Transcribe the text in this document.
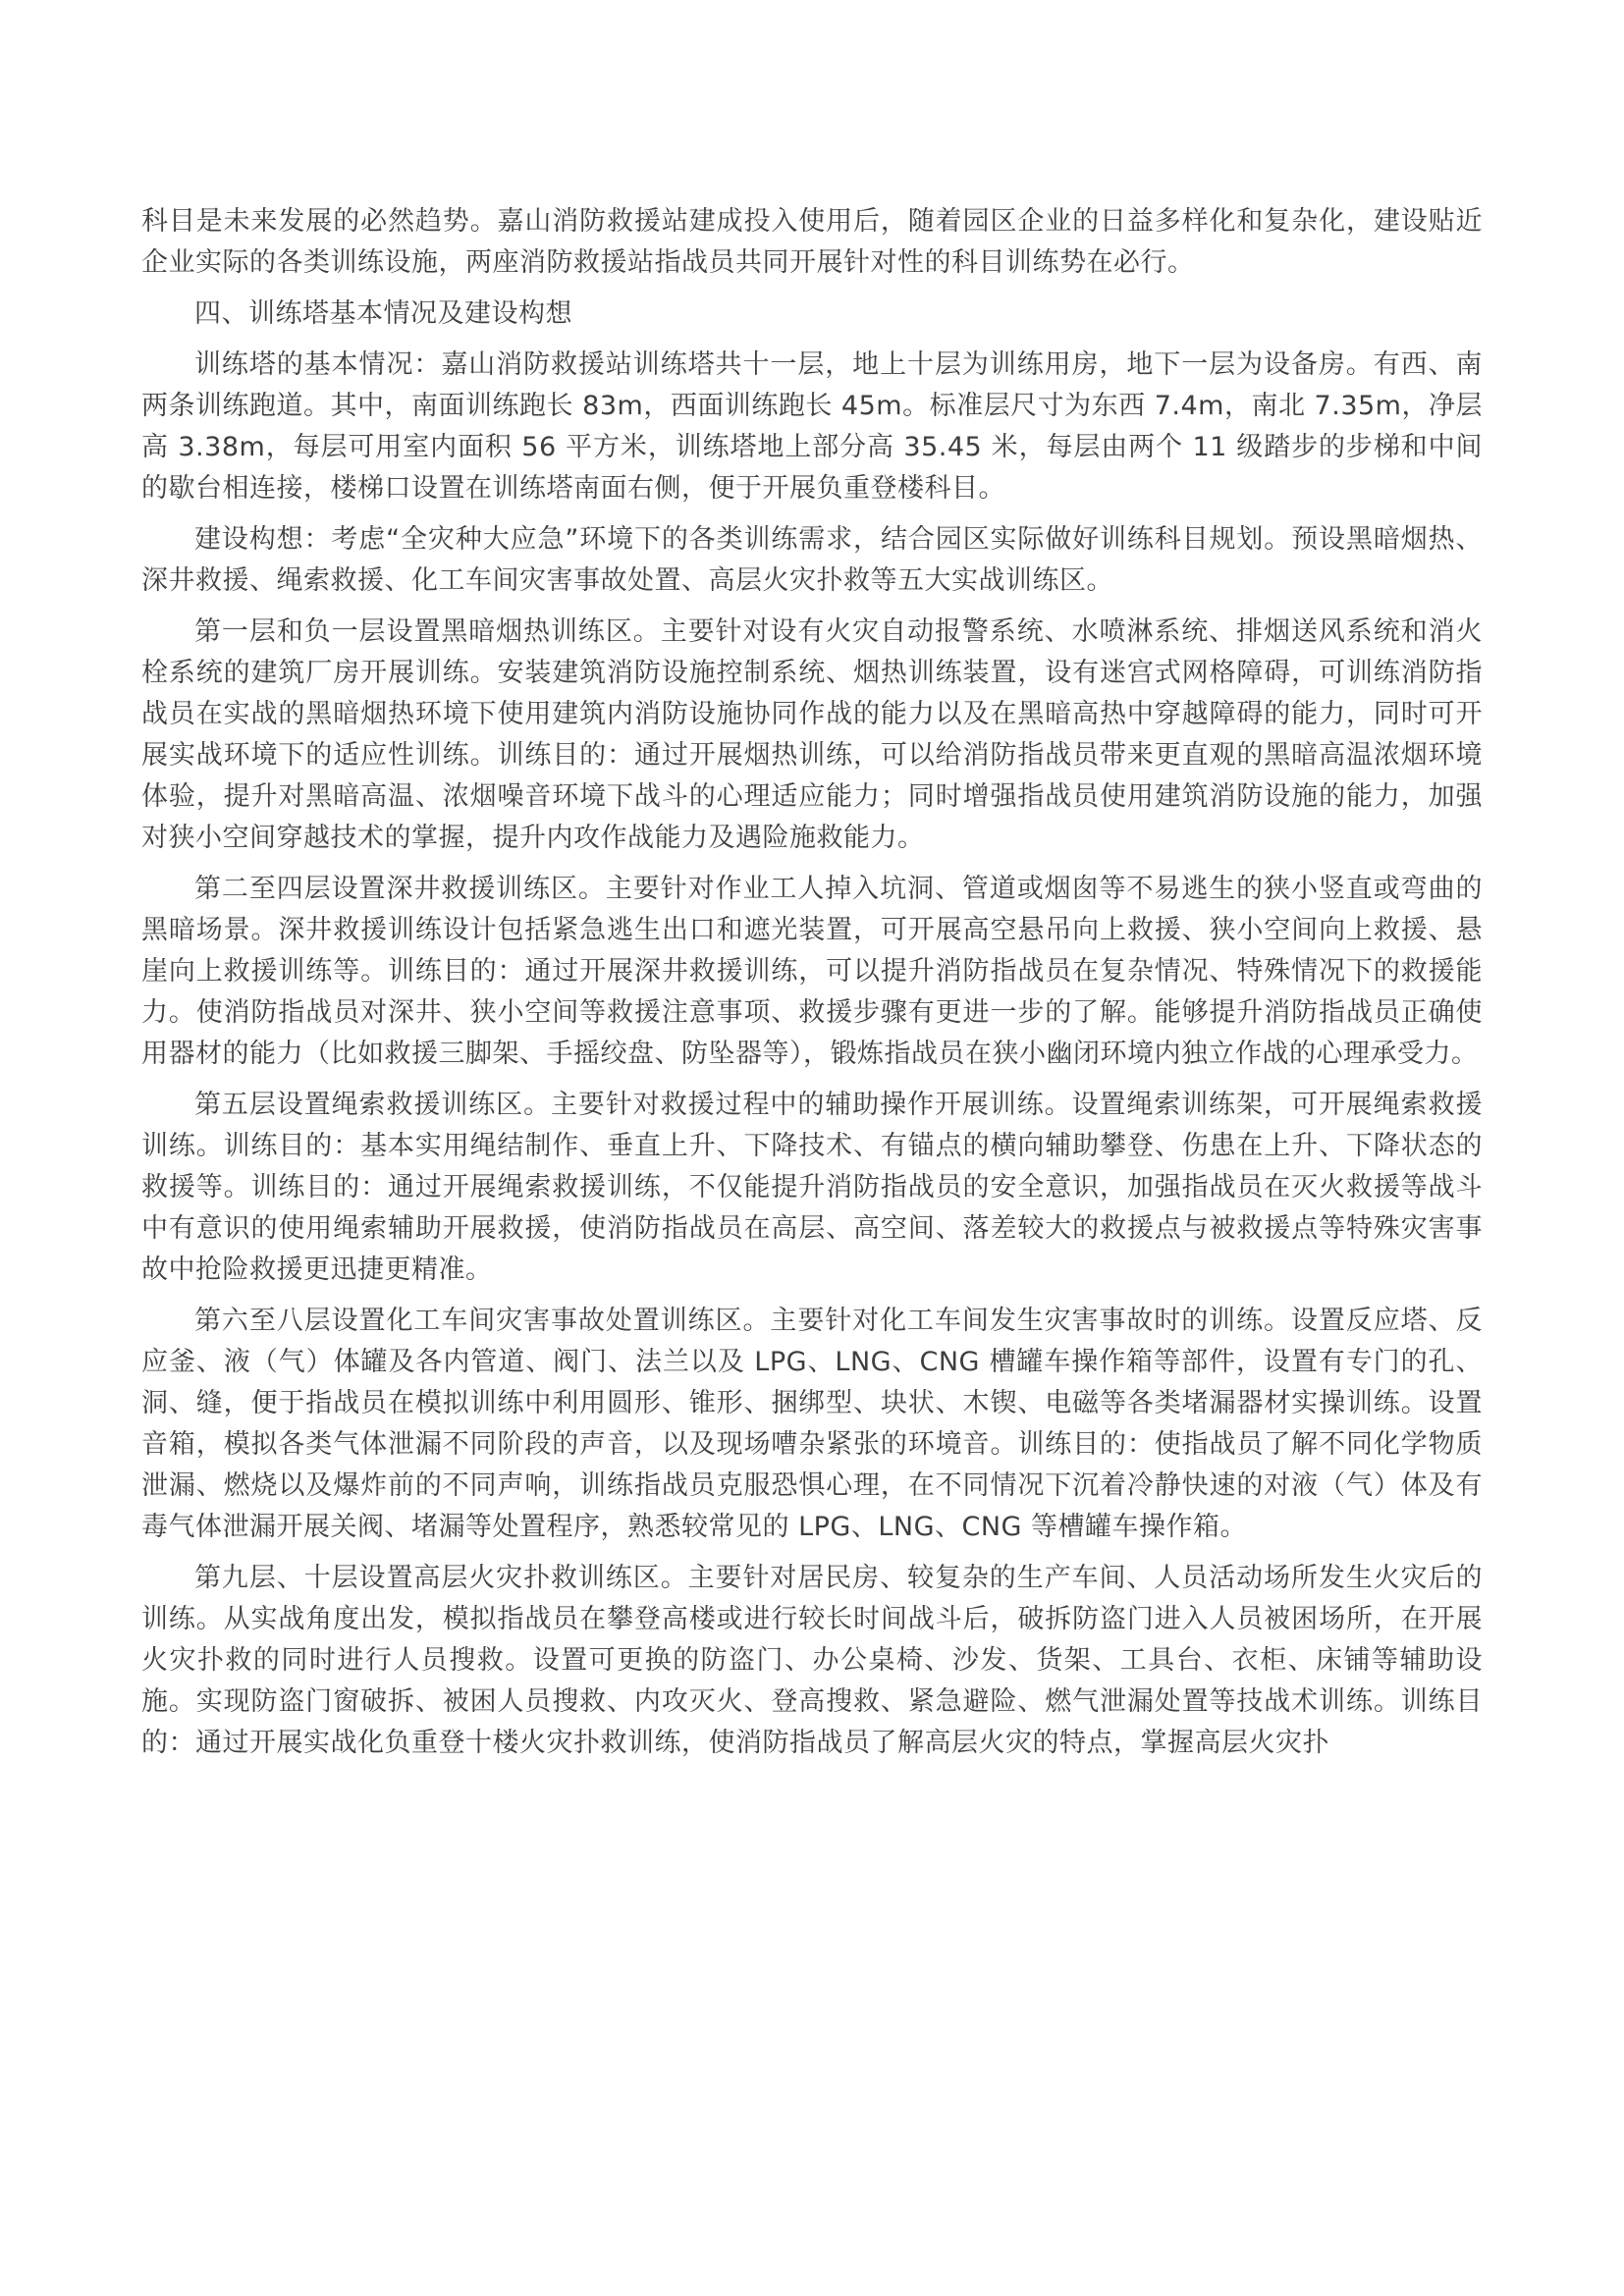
科目是未来发展的必然趋势。嘉山消防救援站建成投入使用后，随着园区企业的日益多样化和复杂化，建设贴近企业实际的各类训练设施，两座消防救援站指战员共同开展针对性的科目训练势在必行。

四、训练塔基本情况及建设构想

训练塔的基本情况：嘉山消防救援站训练塔共十一层，地上十层为训练用房，地下一层为设备房。有西、南两条训练跑道。其中，南面训练跑长 83m，西面训练跑长 45m。标准层尺寸为东西 7.4m，南北 7.35m，净层高 3.38m，每层可用室内面积 56 平方米，训练塔地上部分高 35.45 米，每层由两个 11 级踏步的步梯和中间的歇台相连接，楼梯口设置在训练塔南面右侧，便于开展负重登楼科目。

建设构想：考虑“全灾种大应急”环境下的各类训练需求，结合园区实际做好训练科目规划。预设黑暗烟热、深井救援、绳索救援、化工车间灾害事故处置、高层火灾扑救等五大实战训练区。

第一层和负一层设置黑暗烟热训练区。主要针对设有火灾自动报警系统、水喷淋系统、排烟送风系统和消火栓系统的建筑厂房开展训练。安装建筑消防设施控制系统、烟热训练装置，设有迷宫式网格障碍，可训练消防指战员在实战的黑暗烟热环境下使用建筑内消防设施协同作战的能力以及在黑暗高热中穿越障碍的能力，同时可开展实战环境下的适应性训练。训练目的：通过开展烟热训练，可以给消防指战员带来更直观的黑暗高温浓烟环境体验，提升对黑暗高温、浓烟噪音环境下战斗的心理适应能力；同时增强指战员使用建筑消防设施的能力，加强对狭小空间穿越技术的掌握，提升内攻作战能力及遇险施救能力。

第二至四层设置深井救援训练区。主要针对作业工人掉入坑洞、管道或烟囱等不易逃生的狭小竖直或弯曲的黑暗场景。深井救援训练设计包括紧急逃生出口和遮光装置，可开展高空悬吊向上救援、狭小空间向上救援、悬崖向上救援训练等。训练目的：通过开展深井救援训练，可以提升消防指战员在复杂情况、特殊情况下的救援能力。使消防指战员对深井、狭小空间等救援注意事项、救援步骤有更进一步的了解。能够提升消防指战员正确使用器材的能力（比如救援三脚架、手摇绞盘、防坠器等），锻炼指战员在狭小幽闭环境内独立作战的心理承受力。

第五层设置绳索救援训练区。主要针对救援过程中的辅助操作开展训练。设置绳索训练架，可开展绳索救援训练。训练目的：基本实用绳结制作、垂直上升、下降技术、有锚点的横向辅助攀登、伤患在上升、下降状态的救援等。训练目的：通过开展绳索救援训练，不仅能提升消防指战员的安全意识，加强指战员在灭火救援等战斗中有意识的使用绳索辅助开展救援，使消防指战员在高层、高空间、落差较大的救援点与被救援点等特殊灾害事故中抢险救援更迅捷更精准。

第六至八层设置化工车间灾害事故处置训练区。主要针对化工车间发生灾害事故时的训练。设置反应塔、反应釜、液（气）体罐及各内管道、阀门、法兰以及 LPG、LNG、CNG 槽罐车操作箱等部件，设置有专门的孔、洞、缝，便于指战员在模拟训练中利用圆形、锥形、捆绑型、块状、木锲、电磁等各类堵漏器材实操训练。设置音箱，模拟各类气体泄漏不同阶段的声音，以及现场嘈杂紧张的环境音。训练目的：使指战员了解不同化学物质泄漏、燃烧以及爆炸前的不同声响，训练指战员克服恐惧心理，在不同情况下沉着冷静快速的对液（气）体及有毒气体泄漏开展关阀、堵漏等处置程序，熟悉较常见的 LPG、LNG、CNG 等槽罐车操作箱。

第九层、十层设置高层火灾扑救训练区。主要针对居民房、较复杂的生产车间、人员活动场所发生火灾后的训练。从实战角度出发，模拟指战员在攀登高楼或进行较长时间战斗后，破拆防盗门进入人员被困场所，在开展火灾扑救的同时进行人员搜救。设置可更换的防盗门、办公桌椅、沙发、货架、工具台、衣柜、床铺等辅助设施。实现防盗门窗破拆、被困人员搜救、内攻灭火、登高搜救、紧急避险、燃气泄漏处置等技战术训练。训练目的：通过开展实战化负重登十楼火灾扑救训练，使消防指战员了解高层火灾的特点，掌握高层火灾扑
